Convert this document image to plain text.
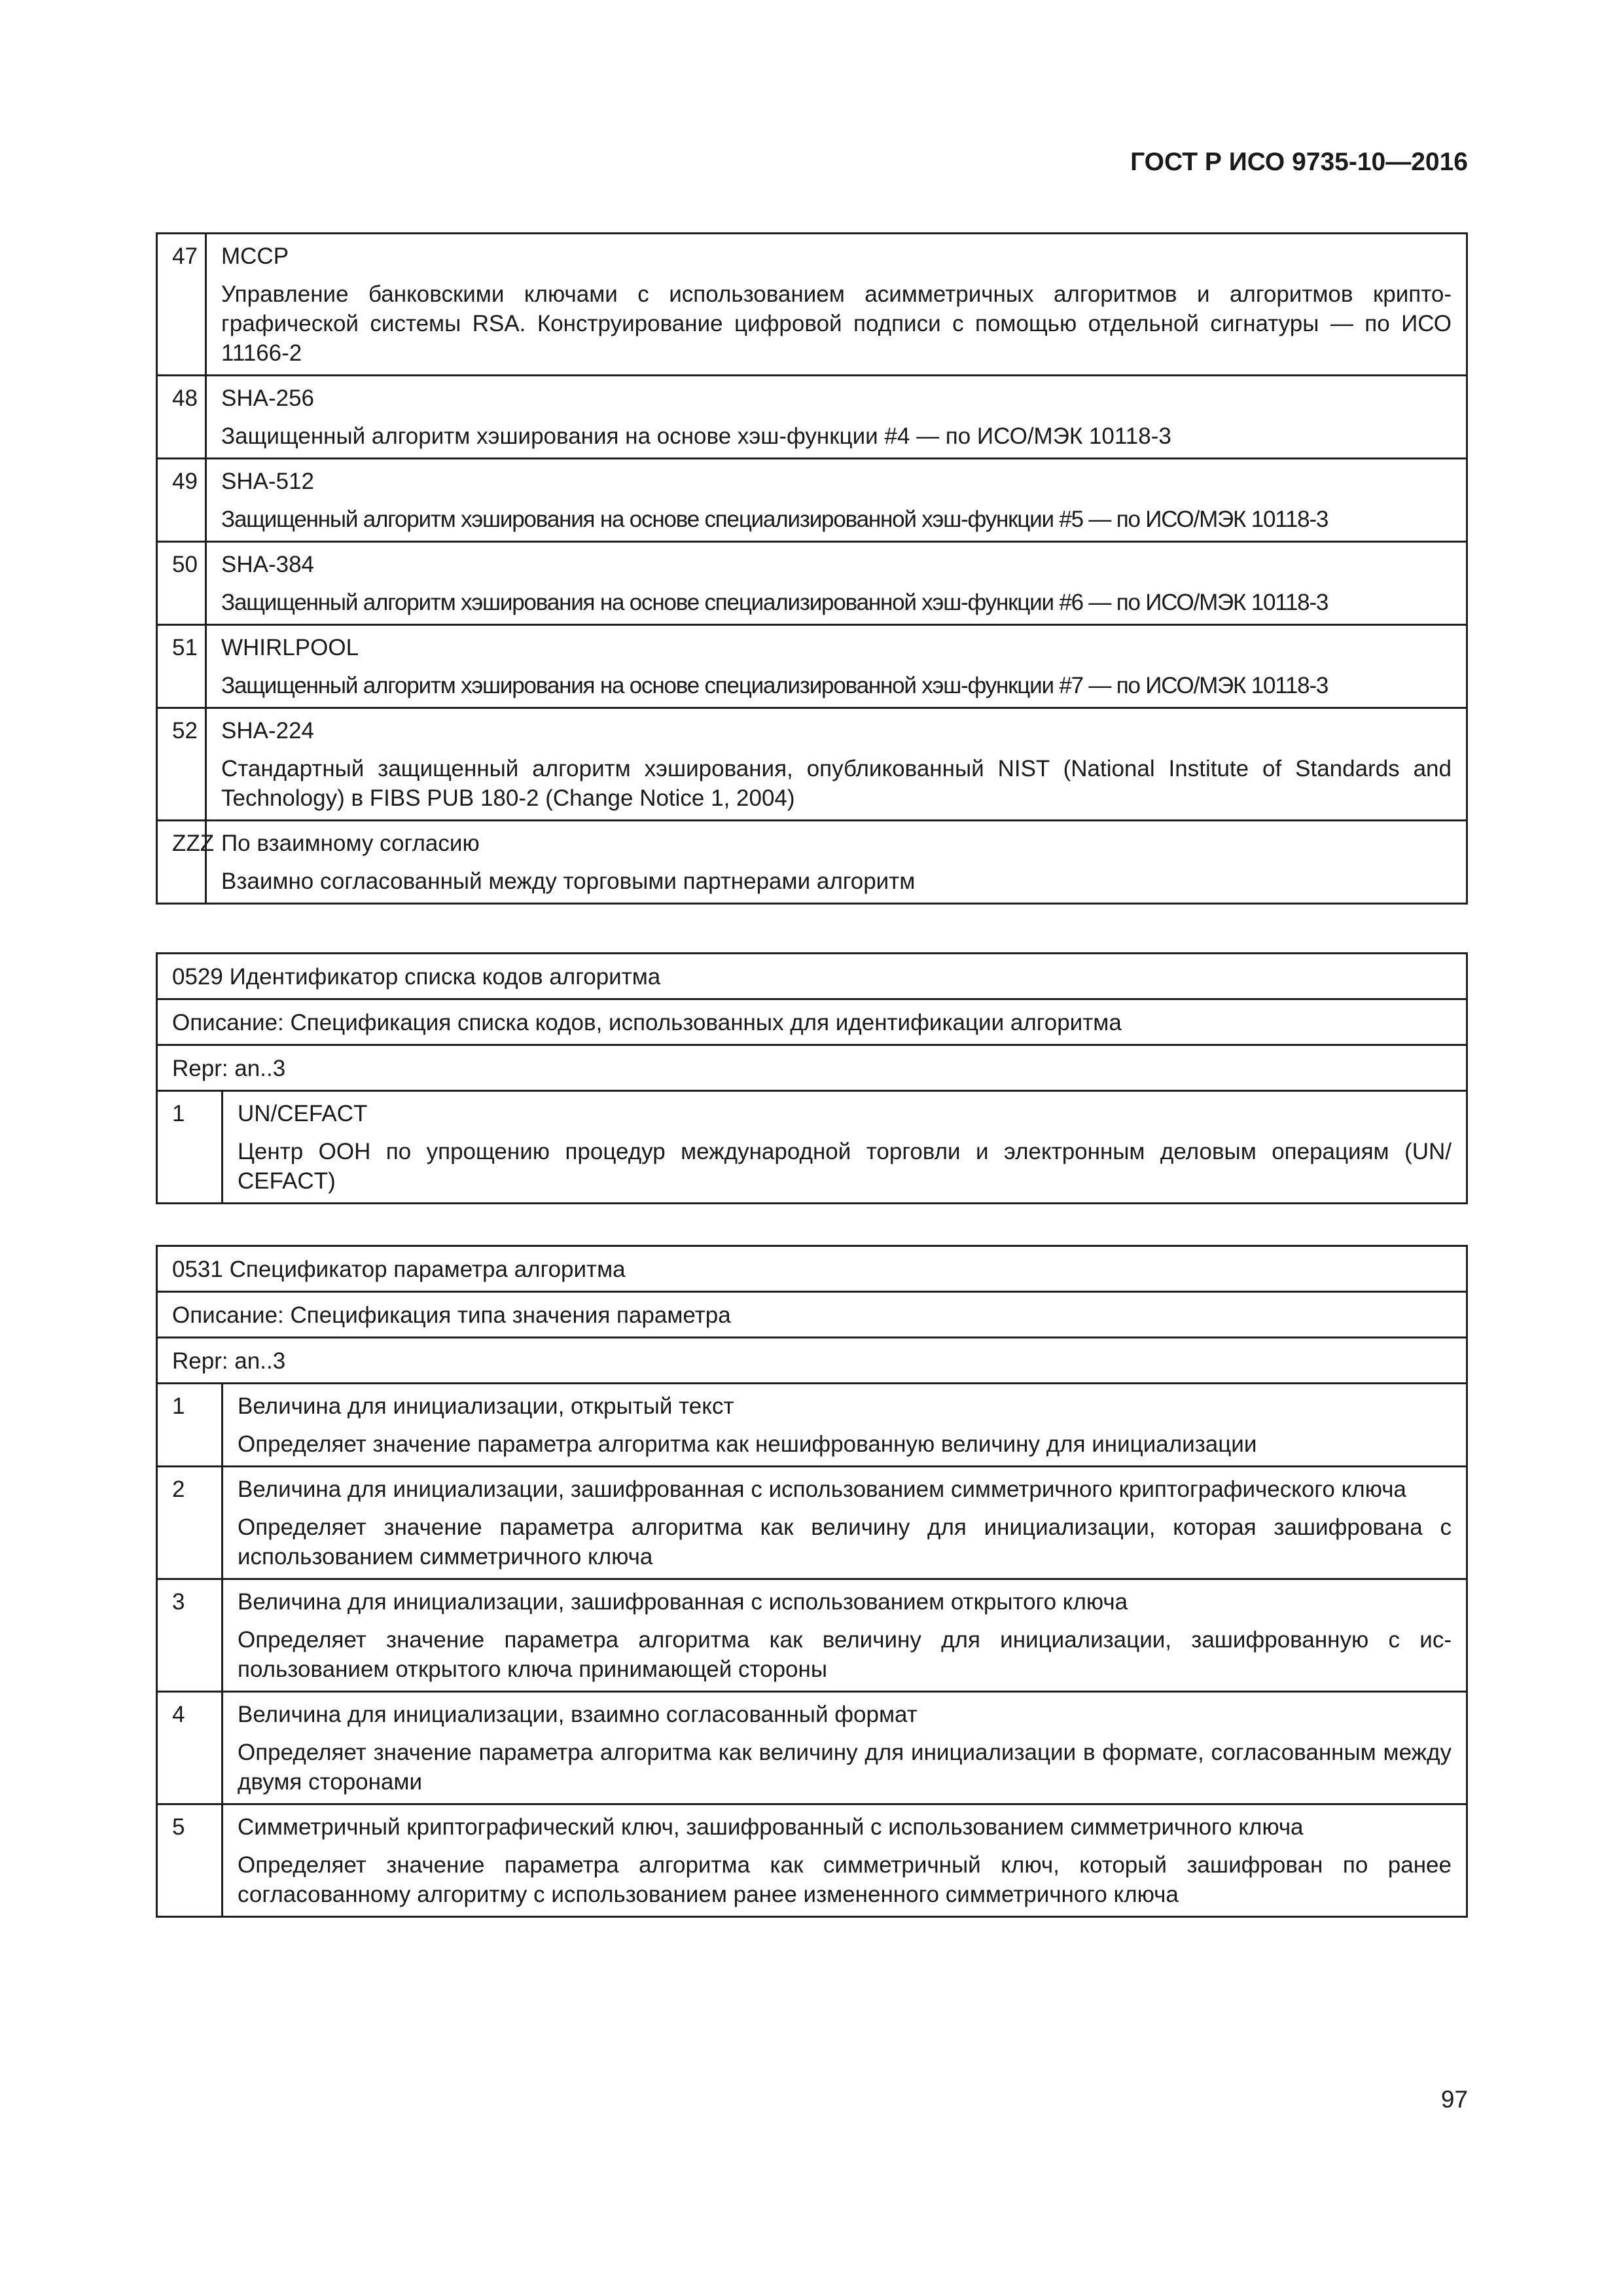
ГОСТ Р ИСО 9735-10—2016
47	MCCP
Управление банковскими ключами с использованием асимметричных алгоритмов и алгоритмов криптографической системы RSA. Конструирование цифровой подписи с помощью отдельной сигнатуры — по ИСО 11166-2

48	SHA-256
Защищенный алгоритм хэширования на основе хэш-функции #4 — по ИСО/МЭК 10118-3

49	SHA-512
Защищенный алгоритм хэширования на основе специализированной хэш-функции #5 — по ИСО/МЭК 10118-3

50	SHA-384
Защищенный алгоритм хэширования на основе специализированной хэш-функции #6 — по ИСО/МЭК 10118-3

51	WHIRLPOOL
Защищенный алгоритм хэширования на основе специализированной хэш-функции #7 — по ИСО/МЭК 10118-3

52	SHA-224
Стандартный защищенный алгоритм хэширования, опубликованный NIST (National Institute of Standards and Technology) в FIBS PUB 180-2 (Change Notice 1, 2004)

ZZZ	По взаимному согласию
Взаимно согласованный между торговыми партнерами алгоритм
0529 Идентификатор списка кодов алгоритма
Описание: Спецификация списка кодов, использованных для идентификации алгоритма
Repr: an..3
1	UN/CEFACT
Центр ООН по упрощению процедур международной торговли и электронным деловым операциям (UN/ CEFACT)
0531 Спецификатор параметра алгоритма	
Описание: Спецификация типа значения параметра	
Repr: an..3	
1	Величина для инициализации, открытый текст
Определяет значение параметра алгоритма как нешифрованную величину для инициализации

2	Величина для инициализации, зашифрованная с использованием симметричного криптографического ключа
Определяет значение параметра алгоритма как величину для инициализации, которая зашифрована с использованием симметричного ключа

3	Величина для инициализации, зашифрованная с использованием открытого ключа
Определяет значение параметра алгоритма как величину для инициализации, зашифрованную с использованием открытого ключа принимающей стороны

4	Величина для инициализации, взаимно согласованный формат
Определяет значение параметра алгоритма как величину для инициализации в формате, согласованным между двумя сторонами

5	Симметричный криптографический ключ, зашифрованный с использованием симметричного ключа
Определяет значение параметра алгоритма как симметричный ключ, который зашифрован по ранее согласованному алгоритму с использованием ранее измененного симметричного ключа
97
